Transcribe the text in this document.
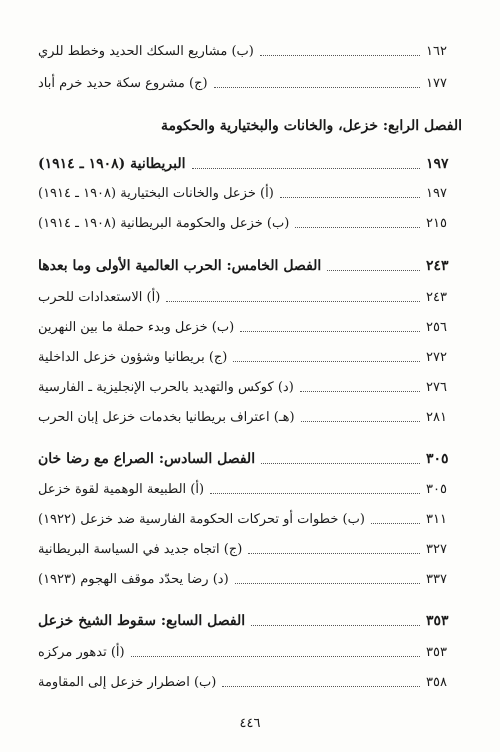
(ب) مشاريع السكك الحديد وخطط للري	١٦٢
(ج) مشروع سكة حديد خرم أباد	١٧٧
الفصل الرابع: خزعل، والخانات والبختيارية والحكومة
البريطانية (١٩٠٨ ـ ١٩١٤)	١٩٧
(أ) خزعل والخانات البختيارية (١٩٠٨ ـ ١٩١٤)	١٩٧
(ب) خزعل والحكومة البريطانية (١٩٠٨ ـ ١٩١٤)	٢١٥
الفصل الخامس: الحرب العالمية الأولى وما بعدها	٢٤٣
(أ) الاستعدادات للحرب	٢٤٣
(ب) خزعل وبدء حملة ما بين النهرين	٢٥٦
(ج) بريطانيا وشؤون خزعل الداخلية	٢٧٢
(د) كوكس والتهديد بالحرب الإنجليزية ـ الفارسية	٢٧٦
(هـ) اعتراف بريطانيا بخدمات خزعل إبان الحرب	٢٨١
الفصل السادس: الصراع مع رضا خان	٣٠٥
(أ) الطبيعة الوهمية لقوة خزعل	٣٠٥
(ب) خطوات أو تحركات الحكومة الفارسية ضد خزعل (١٩٢٢)	٣١١
(ج) اتجاه جديد في السياسة البريطانية	٣٢٧
(د) رضا يحدّد موقف الهجوم (١٩٢٣)	٣٣٧
الفصل السابع: سقوط الشيخ خزعل	٣٥٣
(أ) تدهور مركزه	٣٥٣
(ب) اضطرار خزعل إلى المقاومة	٣٥٨
٤٤٦
